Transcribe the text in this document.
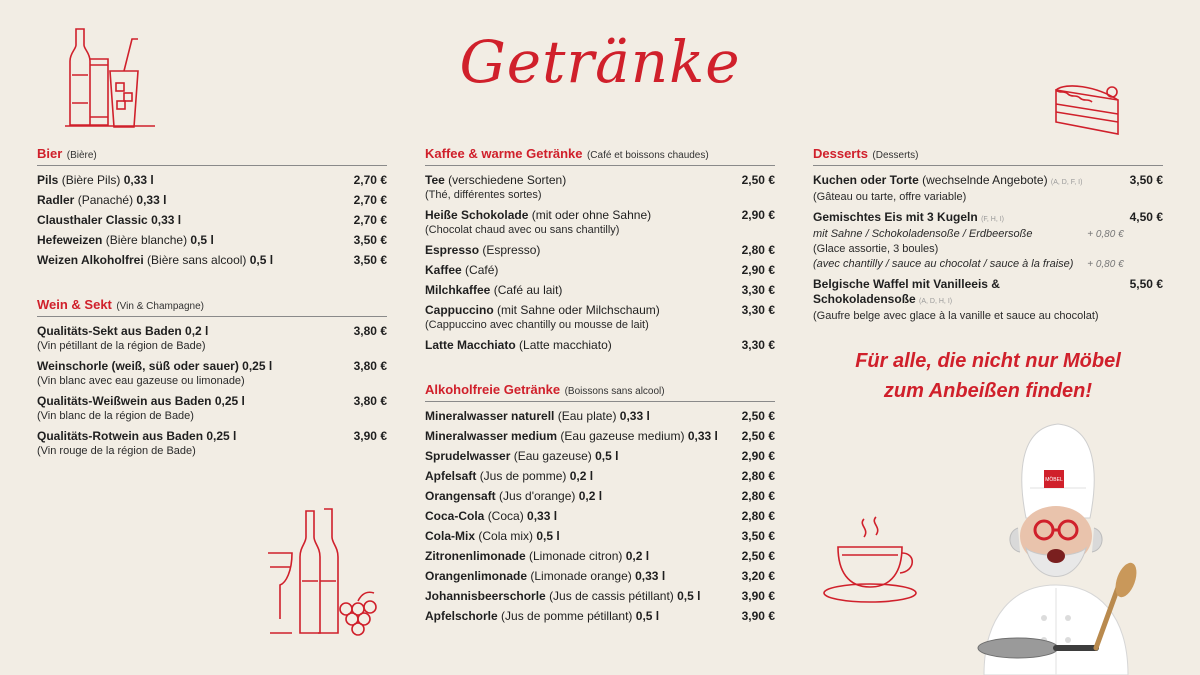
Getränke
Bier (Bière)
Pils (Bière Pils) 0,33 l	2,70 €
Radler (Panaché) 0,33 l	2,70 €
Clausthaler Classic 0,33 l	2,70 €
Hefeweizen (Bière blanche) 0,5 l	3,50 €
Weizen Alkoholfrei (Bière sans alcool) 0,5 l	3,50 €
Wein & Sekt (Vin & Champagne)
Qualitäts-Sekt aus Baden 0,2 l
(Vin pétillant de la région de Bade)
3,80 €
Weinschorle (weiß, süß oder sauer) 0,25 l
(Vin blanc avec eau gazeuse ou limonade)
3,80 €
Qualitäts-Weißwein aus Baden 0,25 l
(Vin blanc de la région de Bade)
3,80 €
Qualitäts-Rotwein aus Baden 0,25 l
(Vin rouge de la région de Bade)
3,90 €
Kaffee & warme Getränke (Café et boissons chaudes)
Tee (verschiedene Sorten)
(Thé, différentes sortes)
2,50 €
Heiße Schokolade (mit oder ohne Sahne)
(Chocolat chaud avec ou sans chantilly)
2,90 €
Espresso (Espresso)	2,80 €
Kaffee (Café)	2,90 €
Milchkaffee (Café au lait)	3,30 €
Cappuccino (mit Sahne oder Milchschaum)
(Cappuccino avec chantilly ou mousse de lait)
3,30 €
Latte Macchiato (Latte macchiato)	3,30 €
Alkoholfreie Getränke (Boissons sans alcool)
Mineralwasser naturell (Eau plate) 0,33 l	2,50 €
Mineralwasser medium (Eau gazeuse medium) 0,33 l	2,50 €
Sprudelwasser (Eau gazeuse) 0,5 l	2,90 €
Apfelsaft (Jus de pomme) 0,2 l	2,80 €
Orangensaft (Jus d'orange) 0,2 l	2,80 €
Coca-Cola (Coca) 0,33 l	2,80 €
Cola-Mix (Cola mix) 0,5 l	3,50 €
Zitronenlimonade (Limonade citron) 0,2 l	2,50 €
Orangenlimonade (Limonade orange) 0,33 l	3,20 €
Johannisbeerschorle (Jus de cassis pétillant) 0,5 l	3,90 €
Apfelschorle (Jus de pomme pétillant) 0,5 l	3,90 €
Desserts (Desserts)
Kuchen oder Torte (wechselnde Angebote) (A, D, F, I)
(Gâteau ou tarte, offre variable)
3,50 €
Gemischtes Eis mit 3 Kugeln (F, H, I)
mit Sahne / Schokoladensoße / Erdbeersoße	+ 0,80 €
(Glace assortie, 3 boules)
(avec chantilly / sauce au chocolat / sauce à la fraise)	+ 0,80 €
4,50 €
Belgische Waffel mit Vanilleeis &
Schokoladensoße (A, D, H, I)
(Gaufre belge avec glace à la vanille et sauce au chocolat)
5,50 €
Für alle, die nicht nur Möbel
zum Anbeißen finden!
MÖBEL
